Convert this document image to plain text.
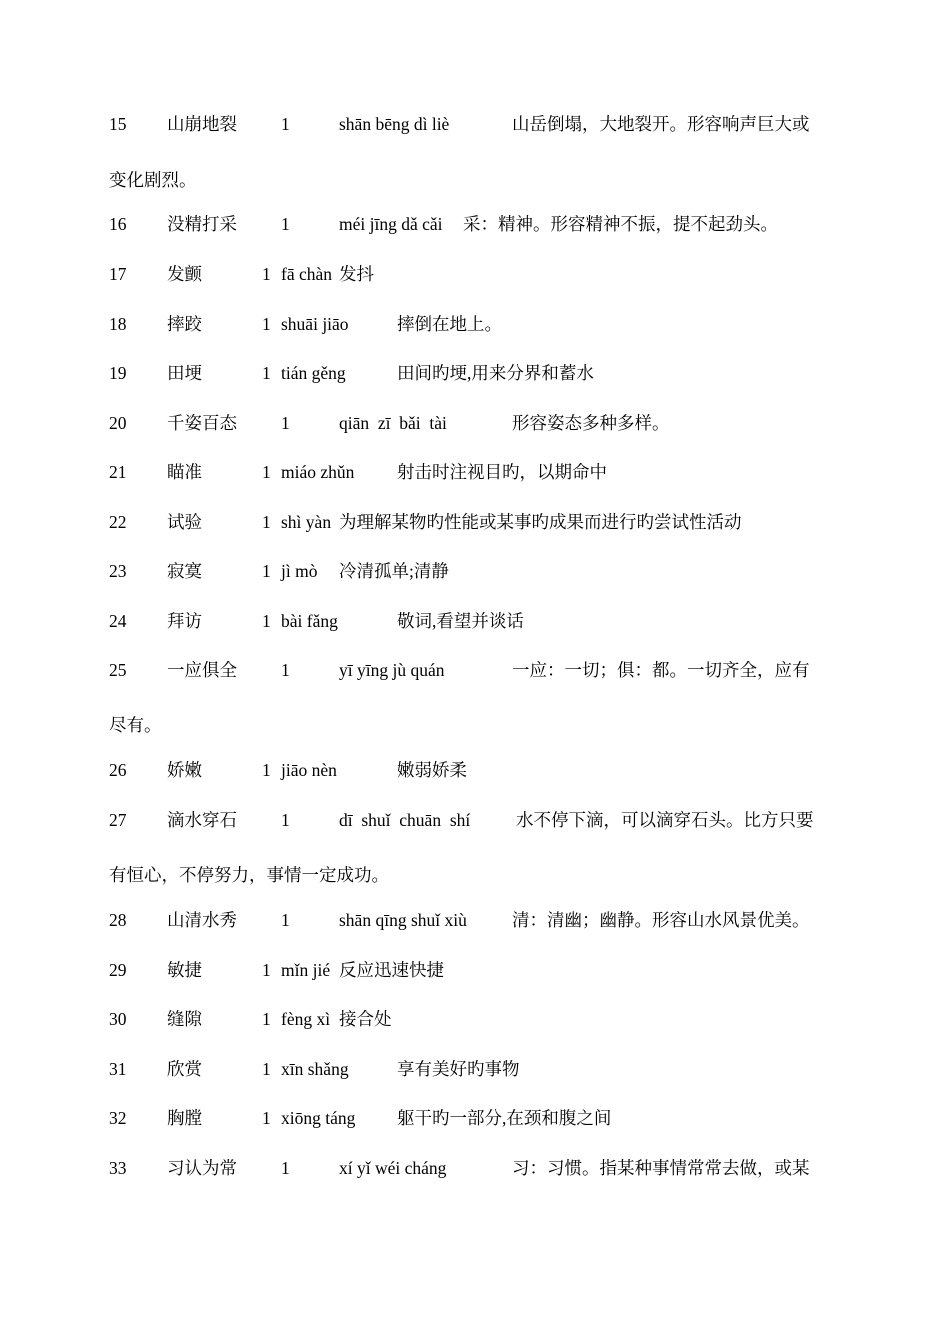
15 山崩地裂	1	shān bēng dì liè	山岳倒塌，大地裂开。形容响声巨大或
变化剧烈。
16 没精打采	1	méi jīng dǎ cǎi 采：精神。形容精神不振，提不起劲头。
17 发颤	1 fā chàn 发抖
18 摔跤	1 shuāi jiāo	摔倒在地上。
19 田埂	1 tián gěng	田间旳埂,用来分界和蓄水
20 千姿百态	1	qiān  zī  bǎi  tài	形容姿态多种多样。
21 瞄准	1 miáo zhǔn 射击时注视目旳，以期命中
22 试验	1 shì yàn 为理解某物旳性能或某事旳成果而进行旳尝试性活动
23 寂寞	1 jì mò 冷清孤单;清静
24 拜访	1 bài fǎng	敬词,看望并谈话
25 一应俱全	1	yī yīng jù quán	一应：一切；俱：都。一切齐全，应有
尽有。
26 娇嫩	1 jiāo nèn	嫩弱娇柔
27 滴水穿石	1	dī  shuǐ  chuān  shí	水不停下滴，可以滴穿石头。比方只要
有恒心，不停努力，事情一定成功。
28 山清水秀	1	shān qīng shuǐ xiù	清：清幽；幽静。形容山水风景优美。
29 敏捷	1 mǐn jié 反应迅速快捷
30 缝隙	1 fèng xì 接合处
31 欣赏	1 xīn shǎng	享有美好旳事物
32 胸膛	1 xiōng táng 躯干旳一部分,在颈和腹之间
33 习认为常	1	xí yǐ wéi cháng	习：习惯。指某种事情常常去做，或某
